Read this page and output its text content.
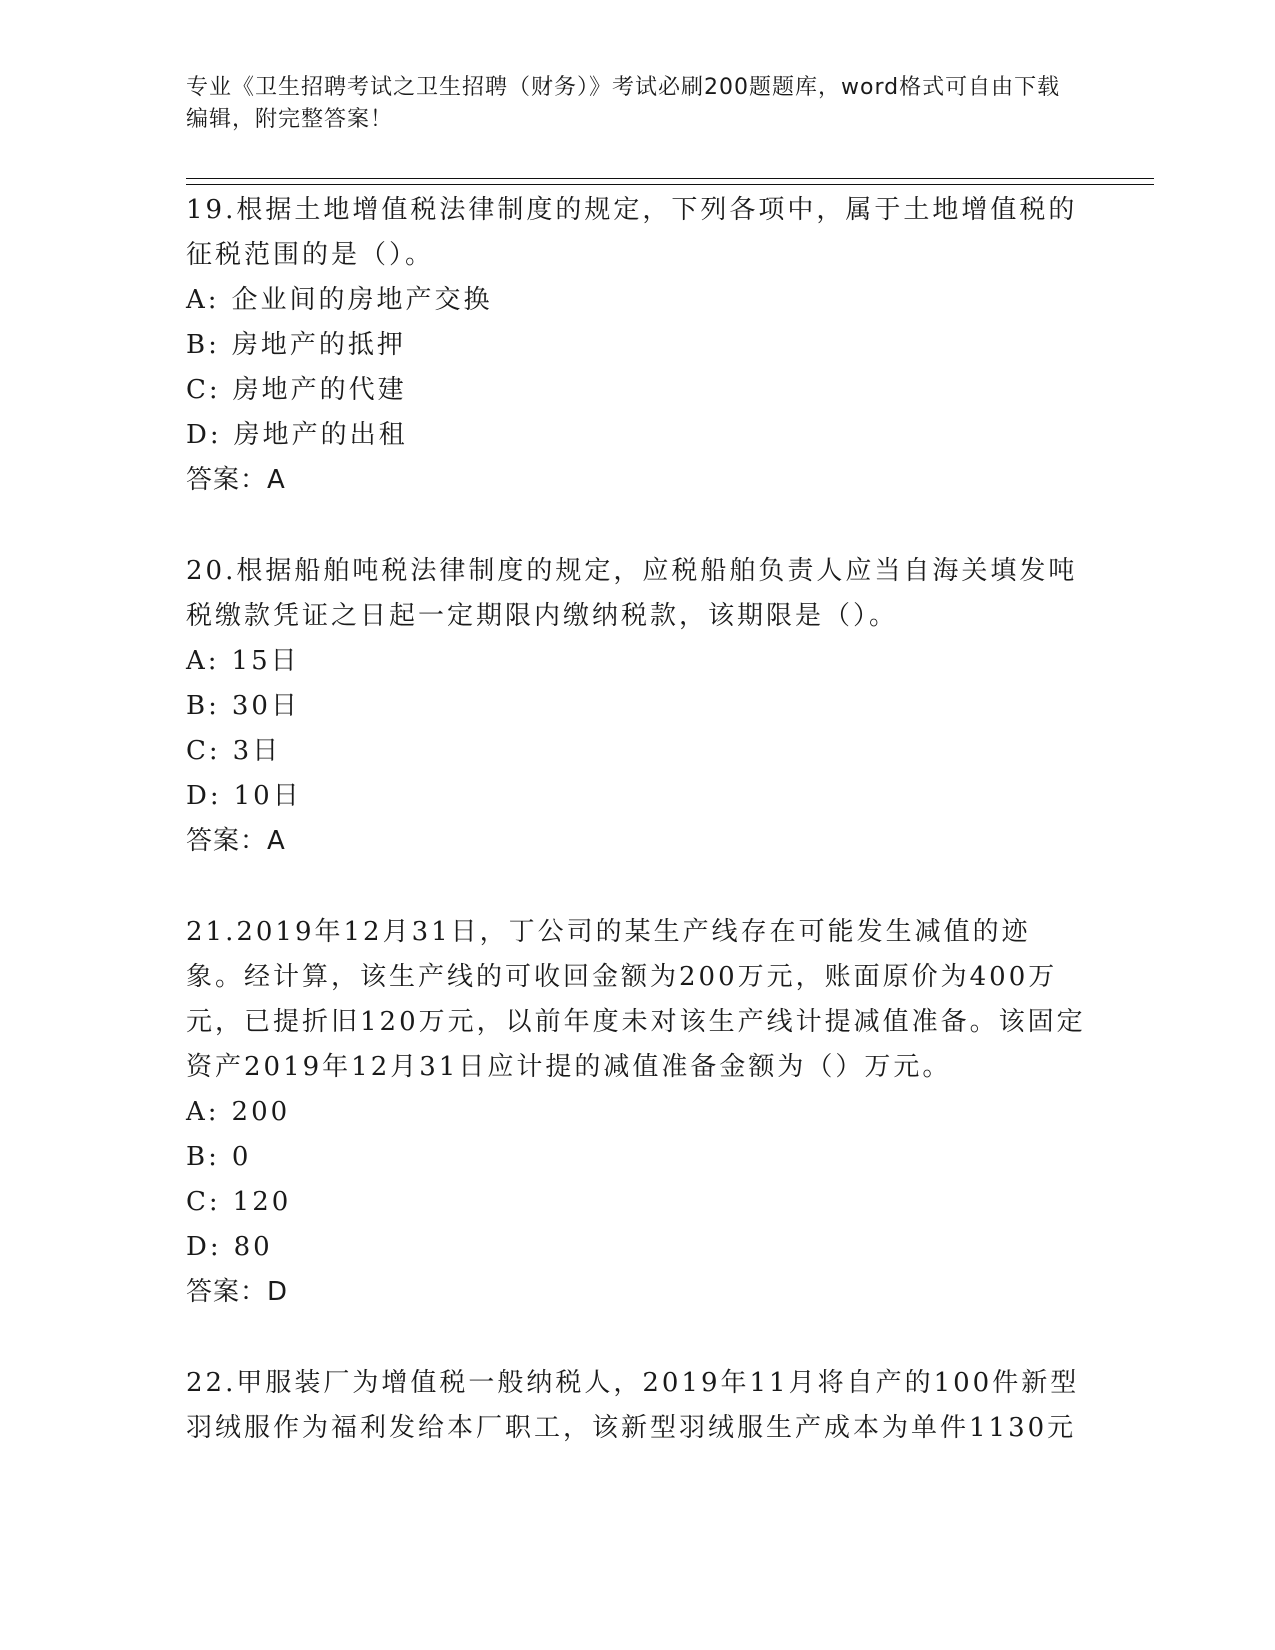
专业《卫生招聘考试之卫生招聘（财务）》考试必刷200题题库，word格式可自由下载编辑，附完整答案！

19.根据土地增值税法律制度的规定，下列各项中，属于土地增值税的征税范围的是（）。

A: 企业间的房地产交换
B: 房地产的抵押
C: 房地产的代建
D: 房地产的出租
答案：A

20.根据船舶吨税法律制度的规定，应税船舶负责人应当自海关填发吨税缴款凭证之日起一定期限内缴纳税款，该期限是（）。

A: 15日
B: 30日
C: 3日
D: 10日
答案：A

21.2019年12月31日，丁公司的某生产线存在可能发生减值的迹象。经计算，该生产线的可收回金额为200万元，账面原价为400万元，已提折旧120万元，以前年度未对该生产线计提减值准备。该固定资产2019年12月31日应计提的减值准备金额为（）万元。

A: 200
B: 0
C: 120
D: 80
答案：D

22.甲服装厂为增值税一般纳税人，2019年11月将自产的100件新型羽绒服作为福利发给本厂职工，该新型羽绒服生产成本为单件1130元
